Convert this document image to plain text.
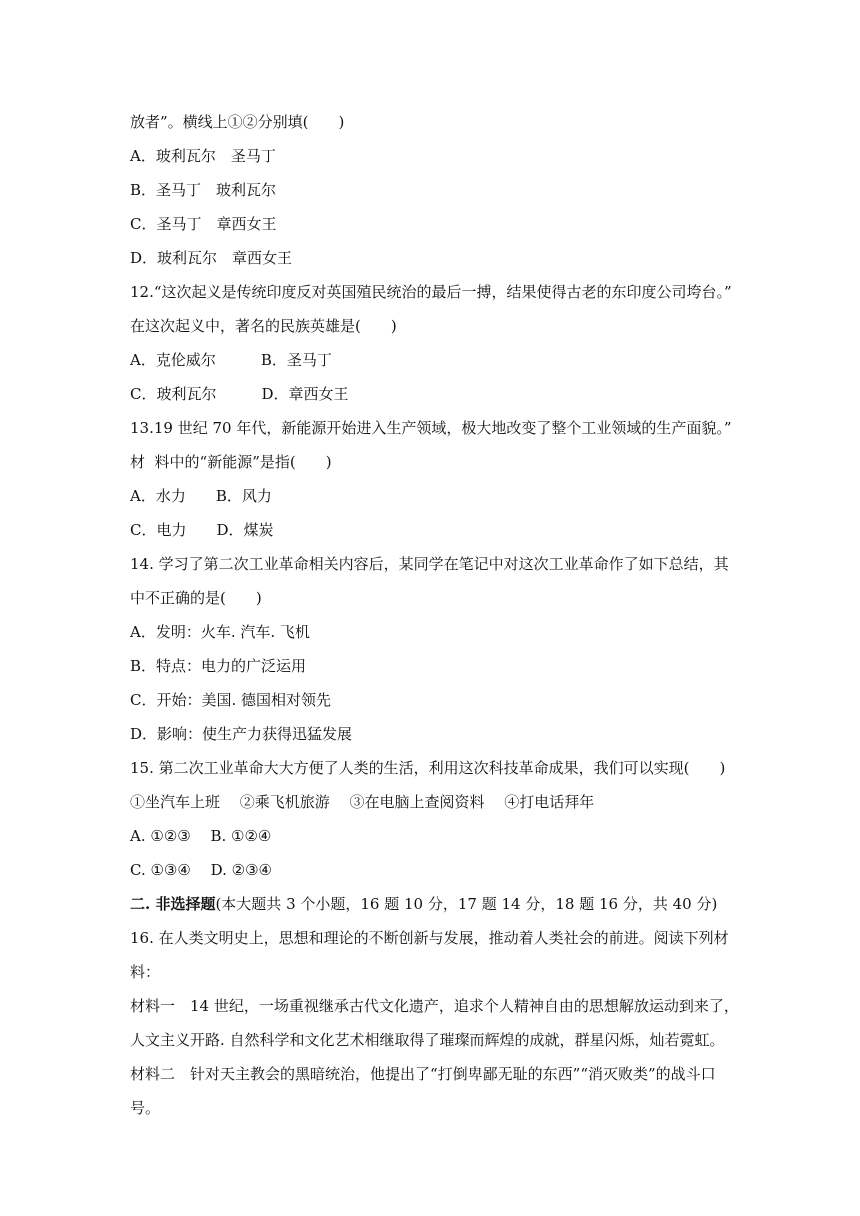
放者”。横线上①②分别填(　　)
A．玻利瓦尔　圣马丁
B．圣马丁　玻利瓦尔
C．圣马丁　章西女王
D．玻利瓦尔　章西女王
12.“这次起义是传统印度反对英国殖民统治的最后一搏，结果使得古老的东印度公司垮台。”
在这次起义中，著名的民族英雄是(　　)
A．克伦威尔　　　B．圣马丁
C．玻利瓦尔　　　D．章西女王
13.19 世纪 70 年代，新能源开始进入生产领域，极大地改变了整个工业领域的生产面貌。”
材  料中的“新能源”是指(　　)
A．水力　　B．风力
C．电力　　D．煤炭
14. 学习了第二次工业革命相关内容后，某同学在笔记中对这次工业革命作了如下总结，其
中不正确的是(　　)
A．发明：火车. 汽车. 飞机
B．特点：电力的广泛运用
C．开始：美国. 德国相对领先
D．影响：使生产力获得迅猛发展
15. 第二次工业革命大大方便了人类的生活，利用这次科技革命成果，我们可以实现(　　)
①坐汽车上班　 ②乘飞机旅游　 ③在电脑上查阅资料　 ④打电话拜年
A. ①②③　 B. ①②④
C. ①③④　 D. ②③④
二. 非选择题(本大题共 3 个小题，16 题 10 分，17 题 14 分，18 题 16 分，共 40 分)
16. 在人类文明史上，思想和理论的不断创新与发展，推动着人类社会的前进。阅读下列材
料：
材料一　14 世纪，一场重视继承古代文化遗产，追求个人精神自由的思想解放运动到来了，
人文主义开路. 自然科学和文化艺术相继取得了璀璨而辉煌的成就，群星闪烁，灿若霓虹。
材料二　针对天主教会的黑暗统治，他提出了“打倒卑鄙无耻的东西”“消灭败类”的战斗口
号。
